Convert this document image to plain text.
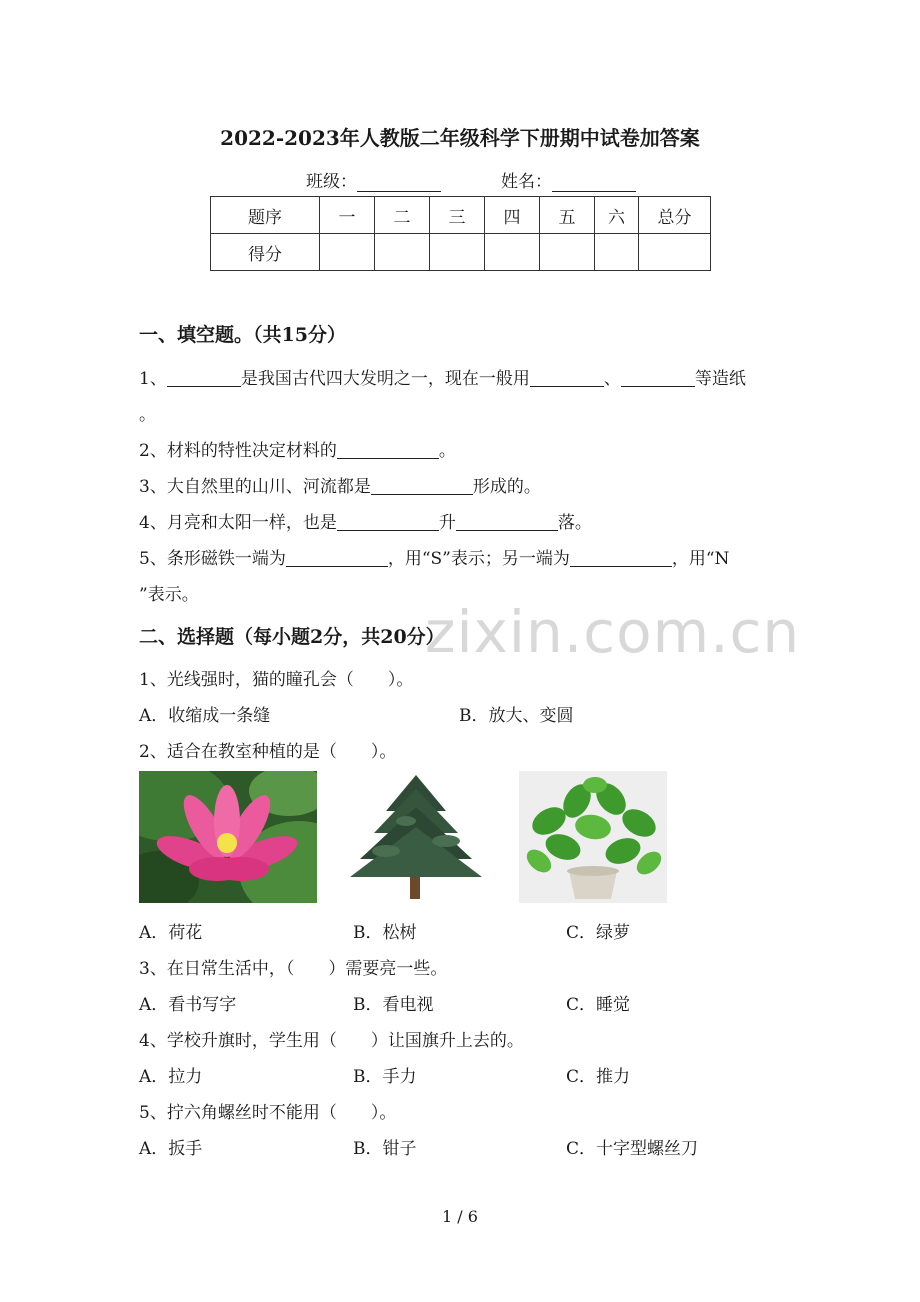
2022-2023年人教版二年级科学下册期中试卷加答案
班级：	姓名：
题序	一	二	三	四	五	六	总分
得分							
一、填空题。（共15分）
1、	是我国古代四大发明之一，现在一般用	、	等造纸
。
2、材料的特性决定材料的	。
3、大自然里的山川、河流都是	形成的。
4、月亮和太阳一样，也是	升	落。
5、条形磁铁一端为	，用“S”表示；另一端为	，用“N
”表示。
zixin.com.cn
二、选择题（每小题2分，共20分）
1、光线强时，猫的瞳孔会（　　）。
A．收缩成一条缝	B．放大、变圆
2、适合在教室种植的是（　　）。
A．荷花	B．松树	C．绿萝
3、在日常生活中，（　　）需要亮一些。
A．看书写字	B．看电视	C．睡觉
4、学校升旗时，学生用（　　）让国旗升上去的。
A．拉力	B．手力	C．推力
5、拧六角螺丝时不能用（　　）。
A．扳手	B．钳子	C．十字型螺丝刀
1 / 6
